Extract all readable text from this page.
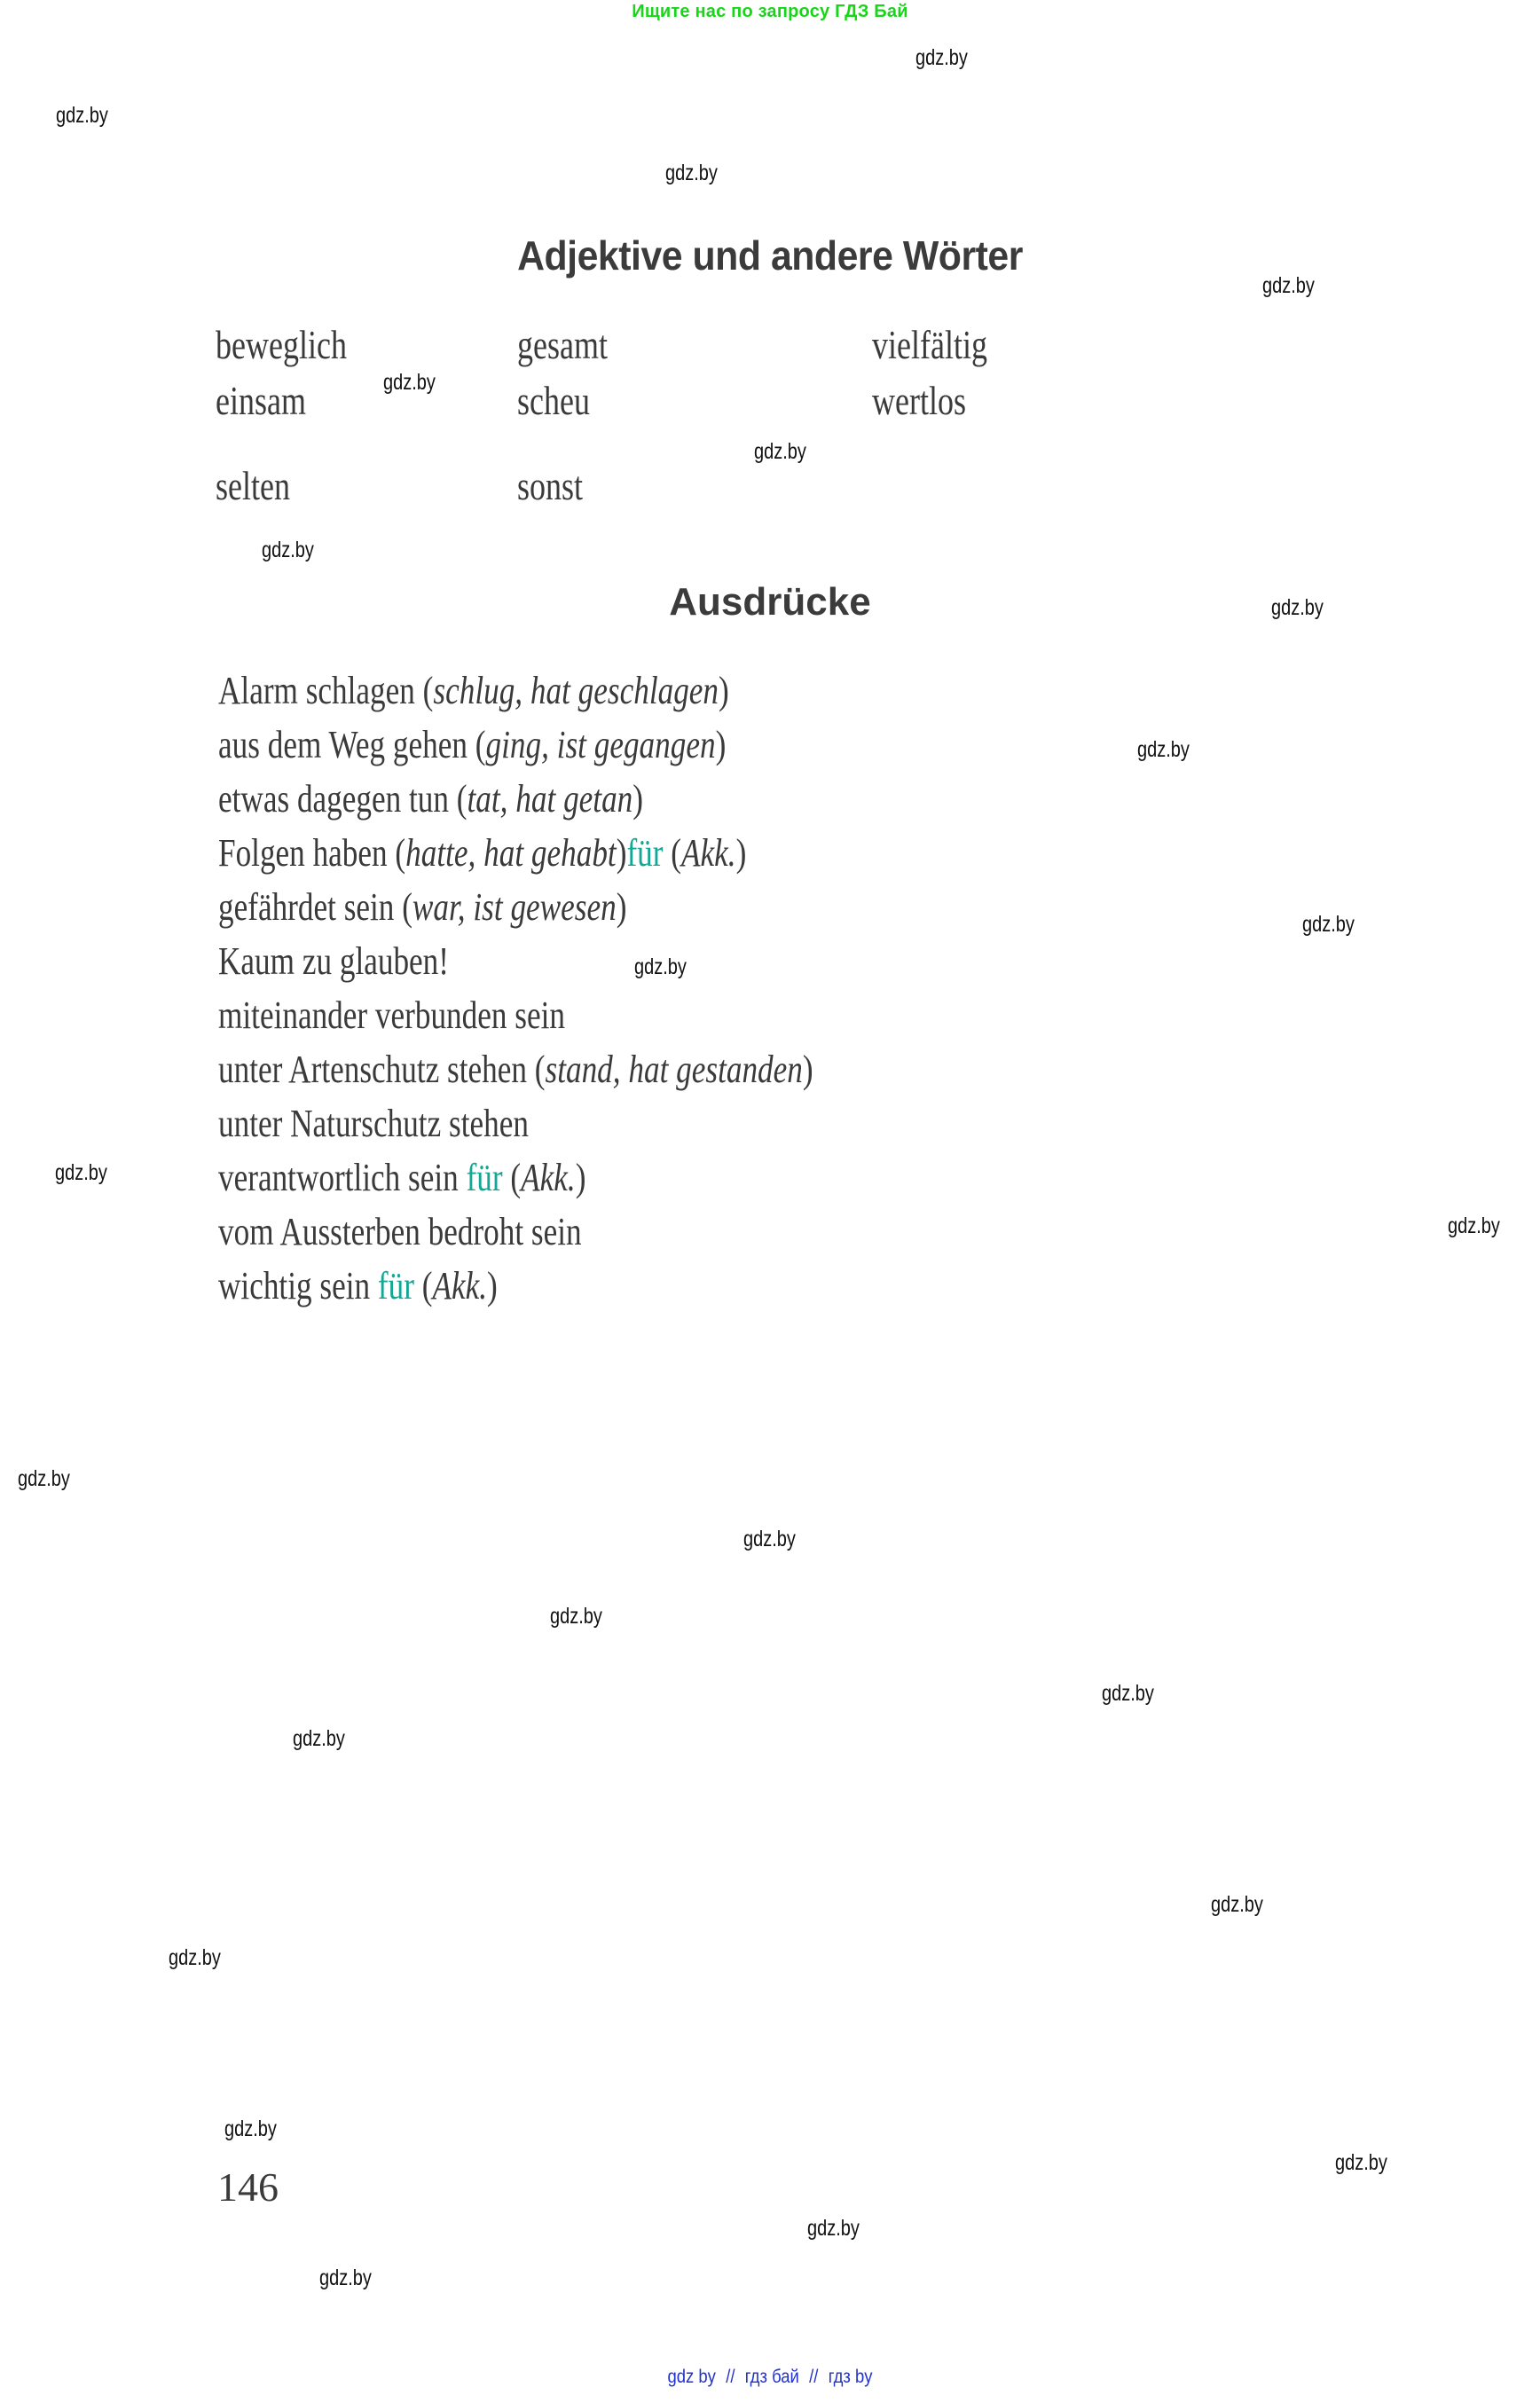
Ищите нас по запросу ГДЗ Бай
gdz.by
gdz.by
gdz.by
gdz.by
gdz.by
gdz.by
gdz.by
gdz.by
gdz.by
gdz.by
gdz.by
gdz.by
gdz.by
gdz.by
gdz.by
gdz.by
gdz.by
gdz.by
gdz.by
gdz.by
gdz.by
gdz.by
gdz.by
gdz.by
Adjektive und andere Wörter
beweglich	gesamt	vielfältig
einsam	scheu	wertlos
selten	sonst
Ausdrücke
Alarm schlagen (schlug, hat geschlagen)
aus dem Weg gehen (ging, ist gegangen)
etwas dagegen tun (tat, hat getan)
Folgen haben (hatte, hat gehabt)für (Akk.)
gefährdet sein (war, ist gewesen)
Kaum zu glauben!
miteinander verbunden sein
unter Artenschutz stehen (stand, hat gestanden)
unter Naturschutz stehen
verantwortlich sein für (Akk.)
vom Aussterben bedroht sein
wichtig sein für (Akk.)
146
gdz by // гдз бай // гдз by
